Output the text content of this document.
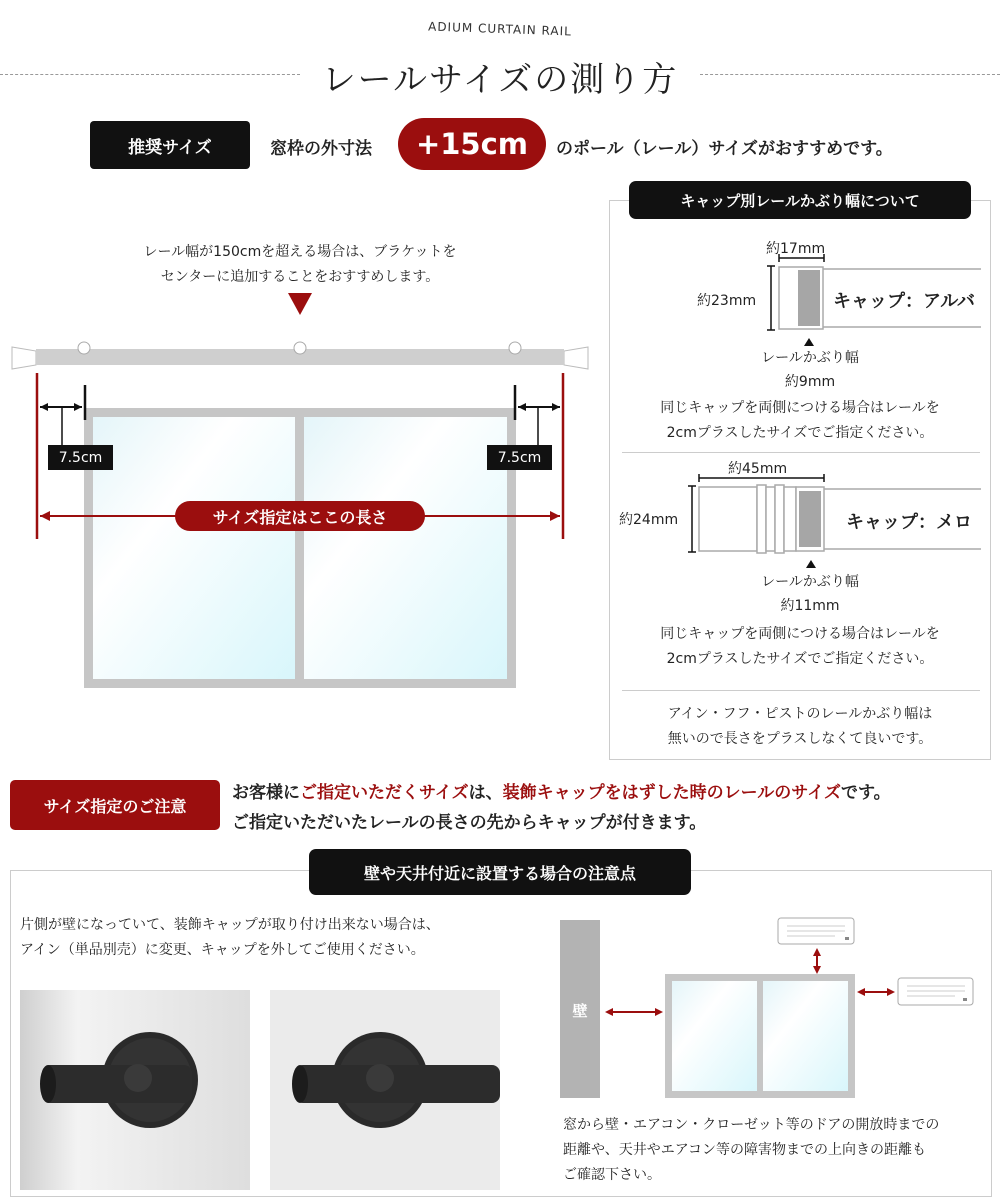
ADIUM CURTAIN RAIL
レールサイズの測り方
推奨サイズ	窓枠の外寸法	+15cm	のポール（レール）サイズがおすすめです。
レール幅が150cmを超える場合は、ブラケットを
センターに追加することをおすすめします。
7.5cm	7.5cm
サイズ指定はここの長さ
キャップ別レールかぶり幅について
約17mm
約23mm	キャップ：アルバ
レールかぶり幅
約9mm
同じキャップを両側につける場合はレールを
2cmプラスしたサイズでご指定ください。
約45mm
約24mm	キャップ：メロ
レールかぶり幅
約11mm
同じキャップを両側につける場合はレールを
2cmプラスしたサイズでご指定ください。
アイン・フフ・ピストのレールかぶり幅は
無いので長さをプラスしなくて良いです。
サイズ指定のご注意
お客様にご指定いただくサイズは、装飾キャップをはずした時のレールのサイズです。
ご指定いただいたレールの長さの先からキャップが付きます。
壁や天井付近に設置する場合の注意点
片側が壁になっていて、装飾キャップが取り付け出来ない場合は、
アイン（単品別売）に変更、キャップを外してご使用ください。
壁
窓から壁・エアコン・クローゼット等のドアの開放時までの
距離や、天井やエアコン等の障害物までの上向きの距離も
ご確認下さい。
